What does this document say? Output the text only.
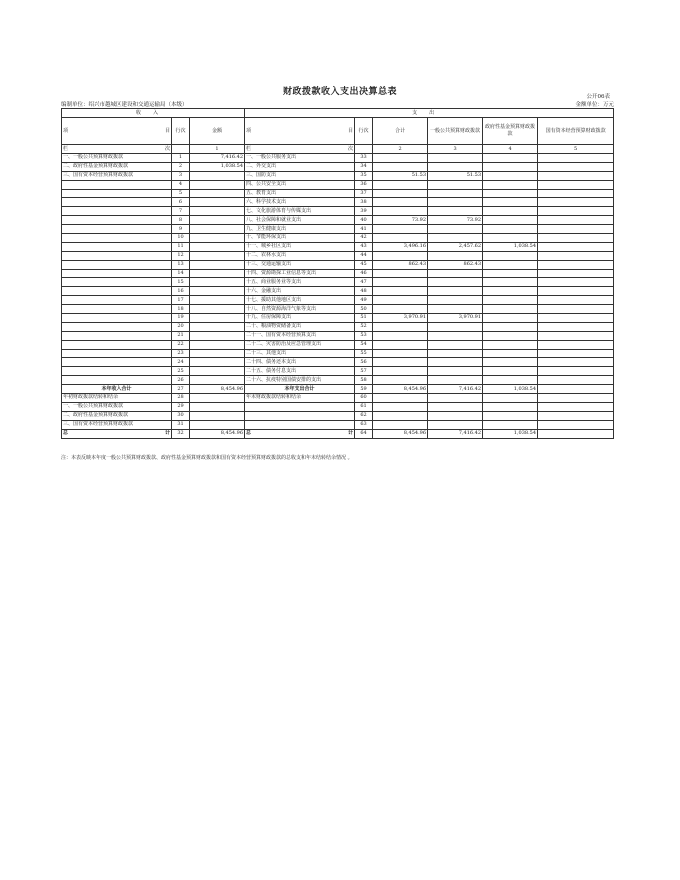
财政拨款收入支出决算总表	公开06表
编制单位：绍兴市越城区建设和交通运输局（本级）	金额单位：万元
收入			支出					

项 目	行次	金额	项 目	行次	合计	一般公共预算财政拨款	政府性基金预算财政拨款	国有资本经营预算财政拨款

栏 次		1	栏 次		2	3	4	5
一、一般公共预算财政拨款	1	7,416.42	一、一般公共服务支出	33				
二、政府性基金预算财政拨款	2	1,038.54	二、外交支出	34				
三、国有资本经营预算财政拨款	3		三、国防支出	35	51.53	51.53		
	4		四、公共安全支出	36				
	5		五、教育支出	37				
	6		六、科学技术支出	38				
	7		七、文化旅游体育与传媒支出	39				
	8		八、社会保障和就业支出	40	73.92	73.92		
	9		九、卫生健康支出	41				
	10		十、节能环保支出	42				
	11		十一、城乡社区支出	43	3,496.16	2,457.62	1,038.54	
	12		十二、农林水支出	44				
	13		十三、交通运输支出	45	862.43	862.43		
	14		十四、资源勘探工业信息等支出	46				
	15		十五、商业服务业等支出	47				
	16		十六、金融支出	48				
	17		十七、援助其他地区支出	49				
	18		十八、自然资源海洋气象等支出	50				
	19		十九、住房保障支出	51	3,970.91	3,970.91		
	20		二十、粮油物资储备支出	52				
	21		二十一、国有资本经营预算支出	53				
	22		二十二、灾害防治及应急管理支出	54				
	23		二十三、其他支出	55				
	24		二十四、债务还本支出	56				
	25		二十五、债务付息支出	57				
	26		二十六、抗疫特别国债安排的支出	58				
本年收入合计	27	8,454.96	本年支出合计	59	8,454.96	7,416.42	1,038.54	
年初财政拨款结转和结余	28		年末财政拨款结转和结余	60				
一、一般公共预算财政拨款	29			61				
二、政府性基金预算财政拨款	30			62				
三、国有资本经营预算财政拨款	31			63				

总 计	32	8,454.96	总 计	64	8,454.96	7,416.42	1,038.54	
注：本表反映本年度一般公共预算财政拨款、政府性基金预算财政拨款和国有资本经营预算财政拨款的总收支和年末结转结余情况 。
